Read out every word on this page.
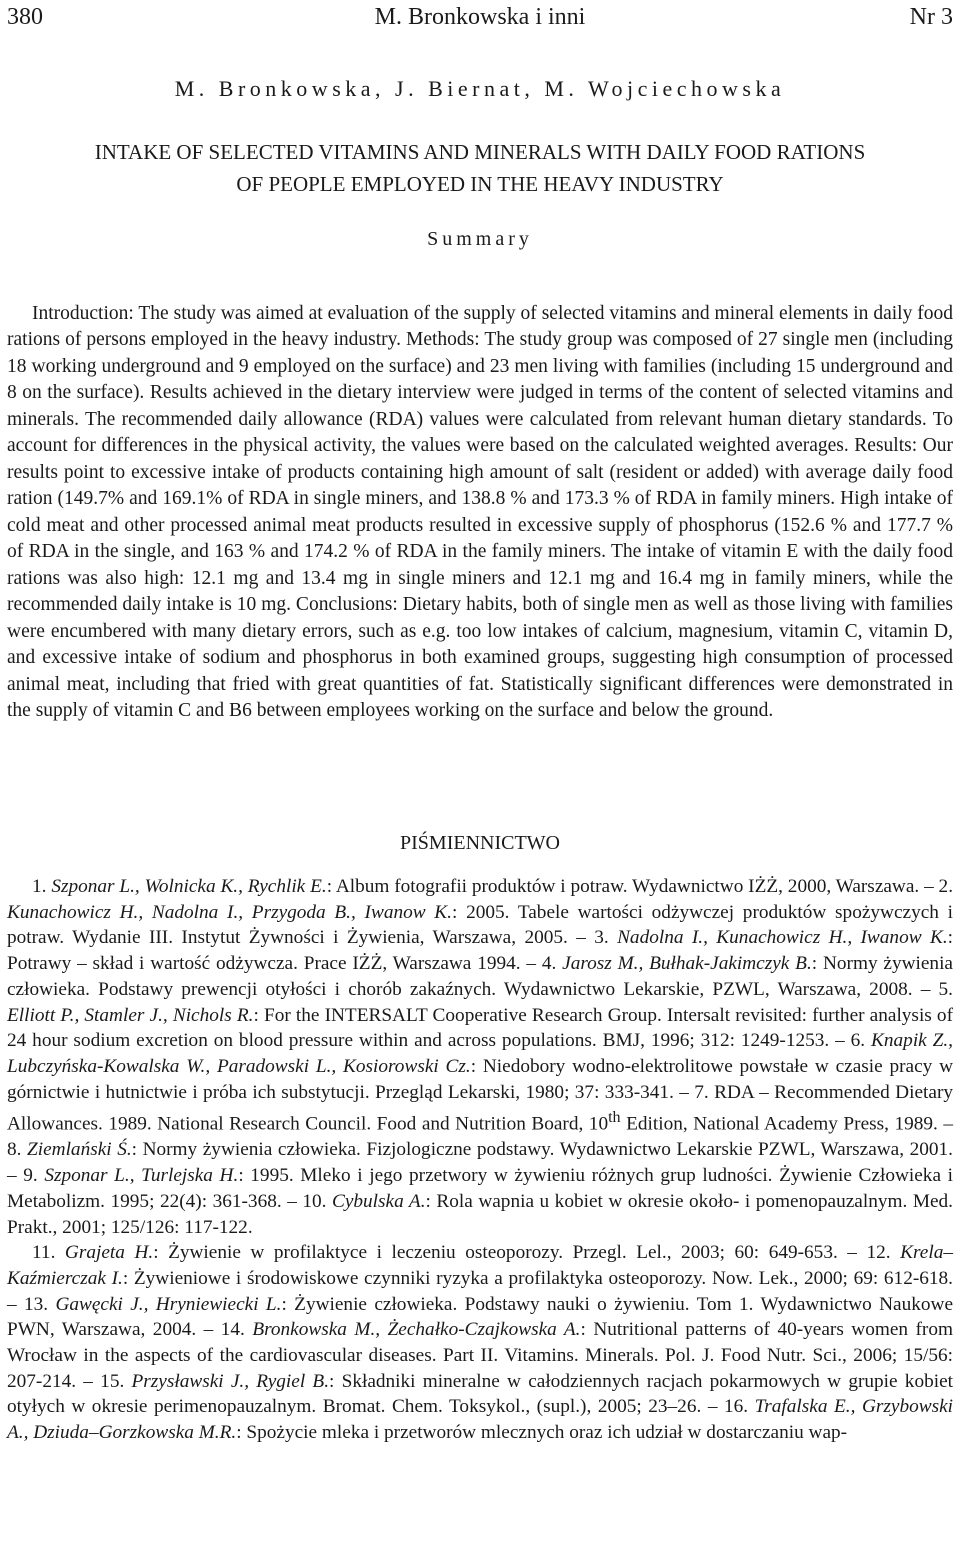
380	M. Bronkowska i inni	Nr 3
M. Bronkowska, J. Biernat, M. Wojciechowska
INTAKE OF SELECTED VITAMINS AND MINERALS WITH DAILY FOOD RATIONS
OF PEOPLE EMPLOYED IN THE HEAVY INDUSTRY
Summary

Introduction: The study was aimed at evaluation of the supply of selected vitamins and mineral elements in daily food rations of persons employed in the heavy industry. Methods: The study group was composed of 27 single men (including 18 working underground and 9 employed on the surface) and 23 men living with families (including 15 underground and 8 on the surface). Results achieved in the dietary interview were judged in terms of the content of selected vitamins and minerals. The recommended daily allowance (RDA) values were calculated from relevant human dietary standards. To account for differences in the physical activity, the values were based on the calculated weighted averages. Results: Our results point to excessive intake of products containing high amount of salt (resident or added) with average daily food ration (149.7% and 169.1% of RDA in single miners, and 138.8 % and 173.3 % of RDA in family miners. High intake of cold meat and other processed animal meat products resulted in excessive supply of phosphorus (152.6 % and 177.7 % of RDA in the single, and 163 % and 174.2 % of RDA in the family miners. The intake of vitamin E with the daily food rations was also high: 12.1 mg and 13.4 mg in single miners and 12.1 mg and 16.4 mg in family miners, while the recommended daily intake is 10 mg. Conclusions: Dietary habits, both of single men as well as those living with families were encumbered with many dietary errors, such as e.g. too low intakes of calcium, magnesium, vitamin C, vitamin D, and excessive intake of sodium and phosphorus in both examined groups, suggesting high consumption of processed animal meat, including that fried with great quantities of fat. Statistically significant differences were demonstrated in the supply of vitamin C and B6 between employees working on the surface and below the ground.

PIŚMIENNICTWO

1. Szponar L., Wolnicka K., Rychlik E.: Album fotografii produktów i potraw. Wydawnictwo IŻŻ, 2000, Warszawa. – 2. Kunachowicz H., Nadolna I., Przygoda B., Iwanow K.: 2005. Tabele wartości odżywczej produktów spożywczych i potraw. Wydanie III. Instytut Żywności i Żywienia, Warszawa, 2005. – 3. Nadolna I., Kunachowicz H., Iwanow K.: Potrawy – skład i wartość odżywcza. Prace IŻŻ, Warszawa 1994. – 4. Jarosz M., Bułhak-Jakimczyk B.: Normy żywienia człowieka. Podstawy prewencji otyłości i chorób zakaźnych. Wydawnictwo Lekarskie, PZWL, Warszawa, 2008. – 5. Elliott P., Stamler J., Nichols R.: For the INTERSALT Cooperative Research Group. Intersalt revisited: further analysis of 24 hour sodium excretion on blood pressure within and across populations. BMJ, 1996; 312: 1249-1253. – 6. Knapik Z., Lubczyńska-Kowalska W., Paradowski L., Kosiorowski Cz.: Niedobory wodno-elektrolitowe powstałe w czasie pracy w górnictwie i hutnictwie i próba ich substytucji. Przegląd Lekarski, 1980; 37: 333-341. – 7. RDA – Recommended Dietary Allowances. 1989. National Research Council. Food and Nutrition Board, 10th Edition, National Academy Press, 1989. – 8. Ziemlański Ś.: Normy żywienia człowieka. Fizjologiczne podstawy. Wydawnictwo Lekarskie PZWL, Warszawa, 2001. – 9. Szponar L., Turlejska H.: 1995. Mleko i jego przetwory w żywieniu różnych grup ludności. Żywienie Człowieka i Metabolizm. 1995; 22(4): 361-368. – 10. Cybulska A.: Rola wapnia u kobiet w okresie około- i pomenopauzalnym. Med. Prakt., 2001; 125/126: 117-122.

11. Grajeta H.: Żywienie w profilaktyce i leczeniu osteoporozy. Przegl. Lel., 2003; 60: 649-653. – 12. Krela–Kaźmierczak I.: Żywieniowe i środowiskowe czynniki ryzyka a profilaktyka osteoporozy. Now. Lek., 2000; 69: 612-618. – 13. Gawęcki J., Hryniewiecki L.: Żywienie człowieka. Podstawy nauki o żywieniu. Tom 1. Wydawnictwo Naukowe PWN, Warszawa, 2004. – 14. Bronkowska M., Żechałko-Czajkowska A.: Nutritional patterns of 40-years women from Wrocław in the aspects of the cardiovascular diseases. Part II. Vitamins. Minerals. Pol. J. Food Nutr. Sci., 2006; 15/56: 207-214. – 15. Przysławski J., Rygiel B.: Składniki mineralne w całodziennych racjach pokarmowych w grupie kobiet otyłych w okresie perimenopauzalnym. Bromat. Chem. Toksykol., (supl.), 2005; 23–26. – 16. Trafalska E., Grzybowski A., Dziuda–Gorzkowska M.R.: Spożycie mleka i przetworów mlecznych oraz ich udział w dostarczaniu wap-
